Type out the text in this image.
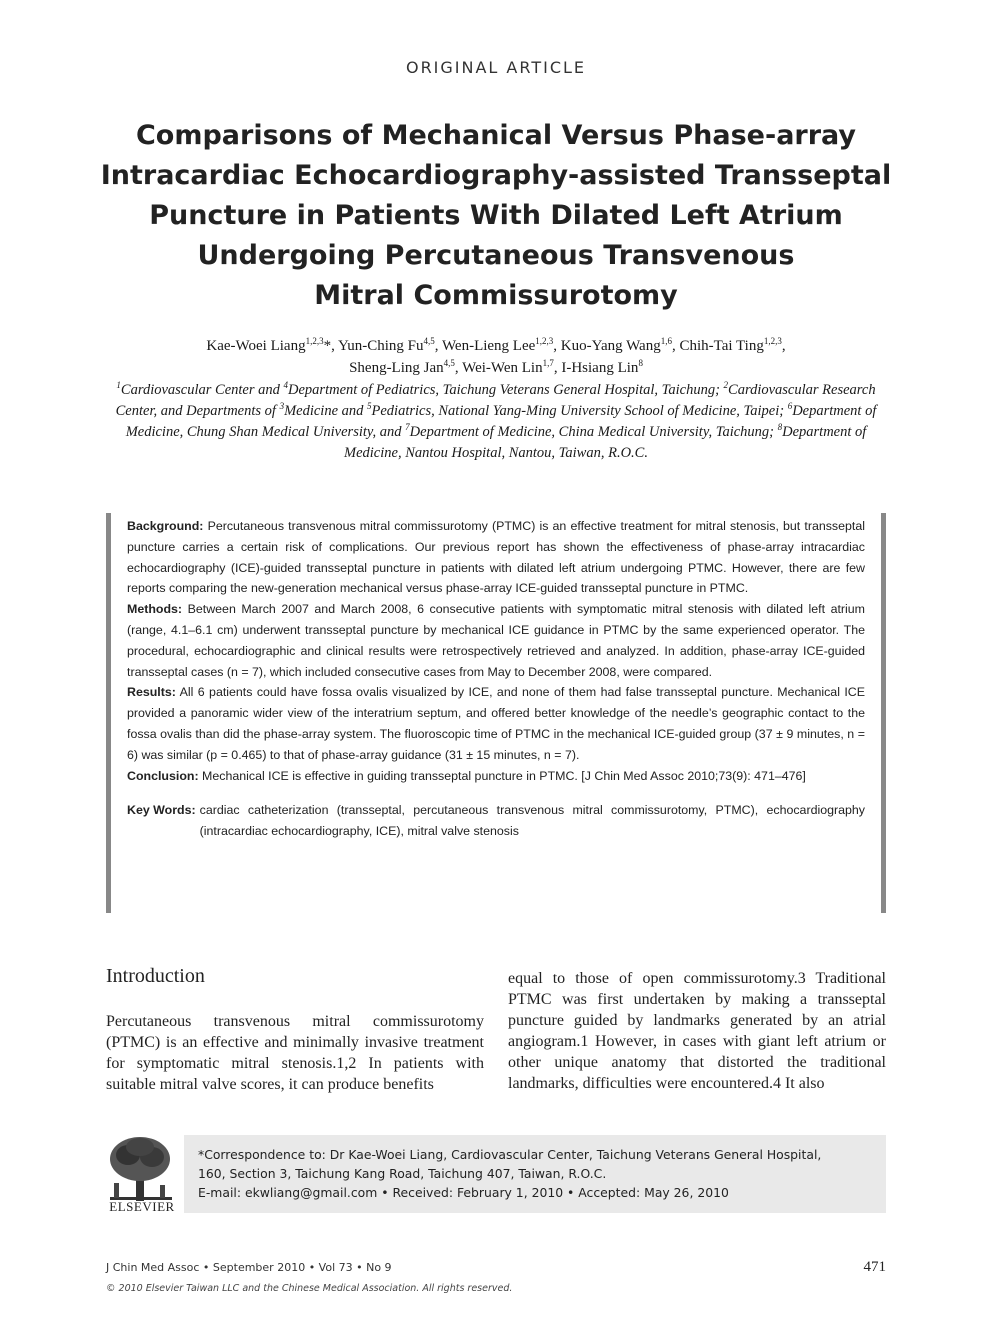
ORIGINAL ARTICLE
Comparisons of Mechanical Versus Phase-array
Intracardiac Echocardiography-assisted Transseptal
Puncture in Patients With Dilated Left Atrium
Undergoing Percutaneous Transvenous
Mitral Commissurotomy
Kae-Woei Liang$^{1,2,3}$*, Yun-Ching Fu$^{4,5}$, Wen-Lieng Lee$^{1,2,3}$, Kuo-Yang Wang$^{1,6}$, Chih-Tai Ting$^{1,2,3}$,
Sheng-Ling Jan$^{4,5}$, Wei-Wen Lin$^{1,7}$, I-Hsiang Lin$^8$
$^1$Cardiovascular Center and $^4$Department of Pediatrics, Taichung Veterans General Hospital, Taichung; $^2$Cardiovascular Research Center, and Departments of $^3$Medicine and $^5$Pediatrics, National Yang-Ming University School of Medicine, Taipei; $^6$Department of Medicine, Chung Shan Medical University, and $^7$Department of Medicine, China Medical University, Taichung; $^8$Department of Medicine, Nantou Hospital, Nantou, Taiwan, R.O.C.

Background: Percutaneous transvenous mitral commissurotomy (PTMC) is an effective treatment for mitral stenosis, but transseptal puncture carries a certain risk of complications. Our previous report has shown the effectiveness of phase-array intracardiac echocardiography (ICE)-guided transseptal puncture in patients with dilated left atrium undergoing PTMC. However, there are few reports comparing the new-generation mechanical versus phase-array ICE-guided transseptal puncture in PTMC.

Methods: Between March 2007 and March 2008, 6 consecutive patients with symptomatic mitral stenosis with dilated left atrium (range, 4.1–6.1 cm) underwent transseptal puncture by mechanical ICE guidance in PTMC by the same experienced operator. The procedural, echocardiographic and clinical results were retrospectively retrieved and analyzed. In addition, phase-array ICE-guided transseptal cases (n = 7), which included consecutive cases from May to December 2008, were compared.

Results: All 6 patients could have fossa ovalis visualized by ICE, and none of them had false transseptal puncture. Mechanical ICE provided a panoramic wider view of the interatrium septum, and offered better knowledge of the needle’s geographic contact to the fossa ovalis than did the phase-array system. The fluoroscopic time of PTMC in the mechanical ICE-guided group (37 ± 9 minutes, n = 6) was similar (p = 0.465) to that of phase-array guidance (31 ± 15 minutes, n = 7).

Conclusion: Mechanical ICE is effective in guiding transseptal puncture in PTMC. [J Chin Med Assoc 2010;73(9): 471–476]

Key Words: cardiac catheterization (transseptal, percutaneous transvenous mitral commissurotomy, PTMC), echocardiography (intracardiac echocardiography, ICE), mitral valve stenosis

Introduction
Percutaneous transvenous mitral commissurotomy (PTMC) is an effective and minimally invasive treatment for symptomatic mitral stenosis.1,2 In patients with suitable mitral valve scores, it can produce benefits
equal to those of open commissurotomy.3 Traditional PTMC was first undertaken by making a transseptal puncture guided by landmarks generated by an atrial angiogram.1 However, in cases with giant left atrium or other unique anatomy that distorted the traditional landmarks, difficulties were encountered.4 It also
ELSEVIER
*Correspondence to: Dr Kae-Woei Liang, Cardiovascular Center, Taichung Veterans General Hospital,
160, Section 3, Taichung Kang Road, Taichung 407, Taiwan, R.O.C.
E-mail: ekwliang@gmail.com • Received: February 1, 2010 • Accepted: May 26, 2010
J Chin Med Assoc • September 2010 • Vol 73 • No 9
© 2010 Elsevier Taiwan LLC and the Chinese Medical Association. All rights reserved.
471
